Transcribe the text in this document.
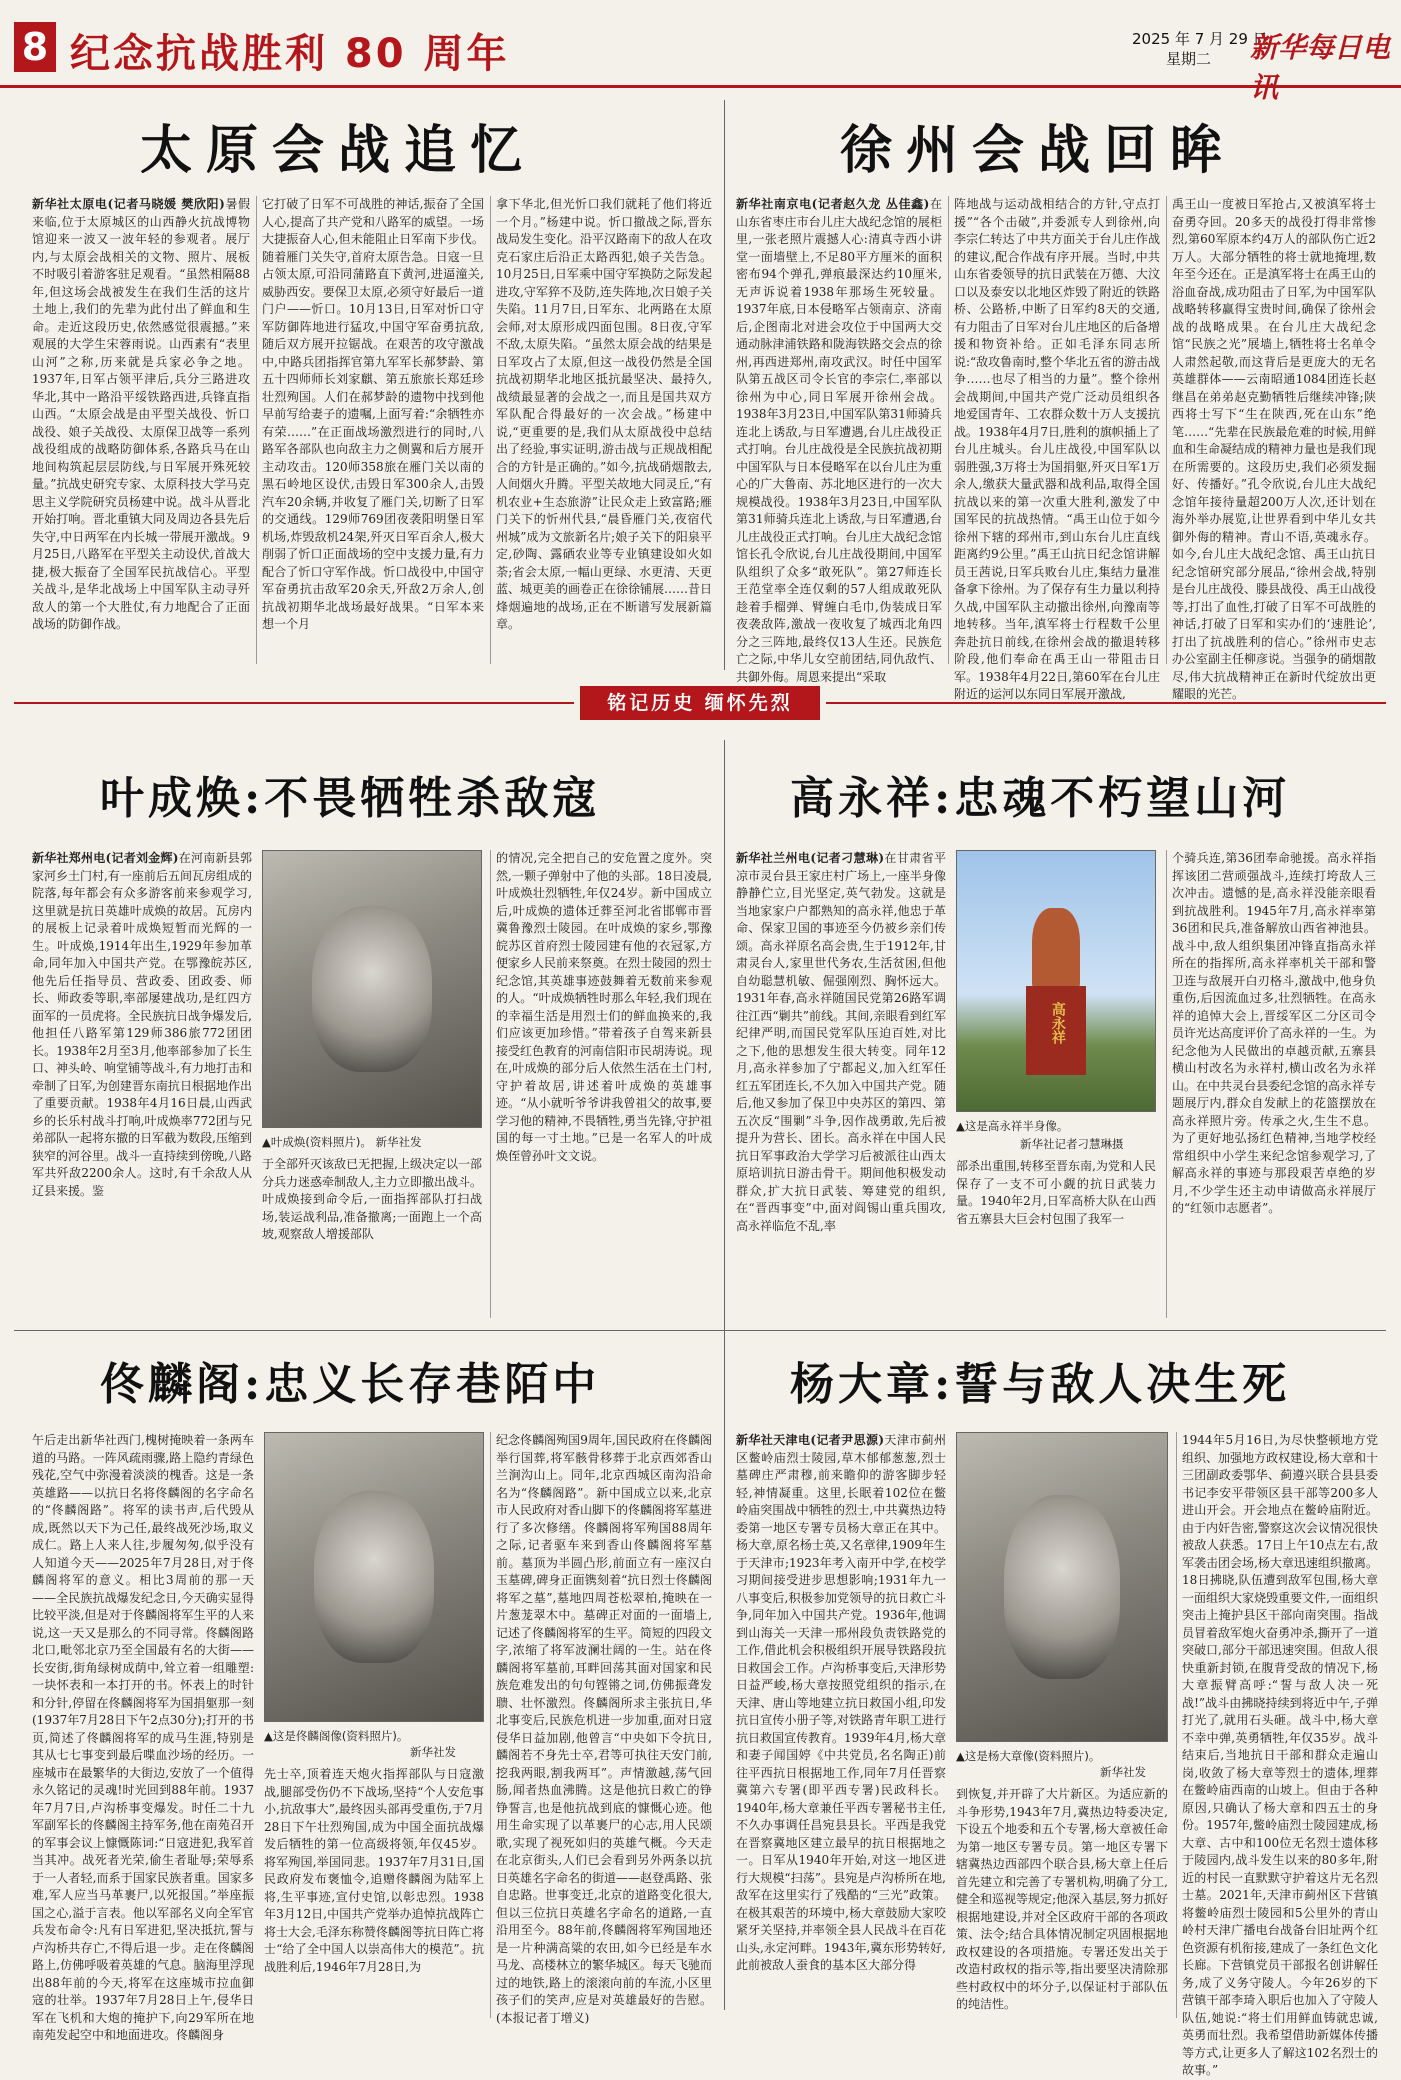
8 纪念抗战胜利 80 周年	2025 年 7 月 29 日
星期二 新华每日电讯
太原会战追忆
新华社太原电(记者马晓媛 樊欣阳)暑假来临,位于太原城区的山西静火抗战博物馆迎来一波又一波年轻的参观者。展厅内,与太原会战相关的文物、照片、展板不时吸引着游客驻足观看。“虽然相隔88年,但这场会战被发生在我们生活的这片土地上,我们的先辈为此付出了鲜血和生命。走近这段历史,依然感觉很震撼。”来观展的大学生宋蓉雨说。山西素有“表里山河”之称,历来就是兵家必争之地。1937年,日军占领平津后,兵分三路进攻华北,其中一路沿平绥铁路西进,兵锋直指山西。“太原会战是由平型关战役、忻口战役、娘子关战役、太原保卫战等一系列战役组成的战略防御体系,各路兵马在山地间构筑起层层防线,与日军展开殊死较量。”抗战史研究专家、太原科技大学马克思主义学院研究员杨建中说。战斗从晋北开始打响。晋北重镇大同及周边各县先后失守,中日两军在内长城一带展开激战。9月25日,八路军在平型关主动设伏,首战大捷,极大振奋了全国军民抗战信心。平型关战斗,是华北战场上中国军队主动寻歼敌人的第一个大胜仗,有力地配合了正面战场的防御作战。
它打破了日军不可战胜的神话,振奋了全国人心,提高了共产党和八路军的威望。一场大捷振奋人心,但未能阻止日军南下步伐。随着雁门关失守,首府太原告急。日寇一旦占领太原,可沿同蒲路直下黄河,进逼潼关,威胁西安。要保卫太原,必须守好最后一道门户——忻口。10月13日,日军对忻口守军防御阵地进行猛攻,中国守军奋勇抗敌,随后双方展开拉锯战。在艰苦的攻守激战中,中路兵团指挥官第九军军长郝梦龄、第五十四师师长刘家麒、第五旅旅长郑廷珍壮烈殉国。人们在郝梦龄的遗物中找到他早前写给妻子的遗嘱,上面写着:“余牺牲亦有荣……”在正面战场激烈进行的同时,八路军各部队也向敌主力之侧翼和后方展开主动攻击。120师358旅在雁门关以南的黑石岭地区设伏,击毁日军300余人,击毁汽车20余辆,并收复了雁门关,切断了日军的交通线。129师769团夜袭阳明堡日军机场,炸毁敌机24架,歼灭日军百余人,极大削弱了忻口正面战场的空中支援力量,有力配合了忻口守军作战。忻口战役中,中国守军奋勇抗击敌军20余天,歼敌2万余人,创抗战初期华北战场最好战果。“日军本来想一个月
拿下华北,但光忻口我们就耗了他们将近一个月。”杨建中说。忻口撤战之际,晋东战局发生变化。沿平汉路南下的敌人在攻克石家庄后沿正太路西犯,娘子关告急。10月25日,日军乘中国守军换防之际发起进攻,守军猝不及防,连失阵地,次日娘子关失陷。11月7日,日军东、北两路在太原会师,对太原形成四面包围。8日夜,守军不敌,太原失陷。“虽然太原会战的结果是日军攻占了太原,但这一战役仍然是全国抗战初期华北地区抵抗最坚决、最持久,战绩最显著的会战之一,而且是国共双方军队配合得最好的一次会战。”杨建中说,“更重要的是,我们从太原战役中总结出了经验,事实证明,游击战与正规战相配合的方针是正确的。”如今,抗战硝烟散去,人间烟火升腾。平型关故地大同灵丘,“有机农业+生态旅游”让民众走上致富路;雁门关下的忻州代县,“晨昏雁门关,夜宿代州城”成为文旅新名片;娘子关下的阳泉平定,砂陶、露硒农业等专业镇建设如火如荼;省会太原,一幅山更绿、水更清、天更蓝、城更美的画卷正在徐徐铺展……昔日烽烟遍地的战场,正在不断谱写发展新篇章。
徐州会战回眸
新华社南京电(记者赵久龙 丛佳鑫)在山东省枣庄市台儿庄大战纪念馆的展柜里,一张老照片震撼人心:清真寺西小讲堂一面墙壁上,不足80平方厘米的面积密布94个弹孔,弹痕最深达约10厘米,无声诉说着1938年那场生死较量。1937年底,日本侵略军占领南京、济南后,企图南北对进会攻位于中国两大交通动脉津浦铁路和陇海铁路交会点的徐州,再西进郑州,南攻武汉。时任中国军队第五战区司令长官的李宗仁,率部以徐州为中心,同日军展开徐州会战。1938年3月23日,中国军队第31师骑兵连北上诱敌,与日军遭遇,台儿庄战役正式打响。台儿庄战役是全民族抗战初期中国军队与日本侵略军在以台儿庄为重心的广大鲁南、苏北地区进行的一次大规模战役。1938年3月23日,中国军队第31师骑兵连北上诱敌,与日军遭遇,台儿庄战役正式打响。台儿庄大战纪念馆馆长孔令欣说,台儿庄战役期间,中国军队组织了众多“敢死队”。第27师连长王范堂率全连仅剩的57人组成敢死队趁着手榴弹、臂缠白毛巾,伪装成日军夜袭敌阵,激战一夜收复了城西北角四分之三阵地,最终仅13人生还。民族危亡之际,中华儿女空前团结,同仇敌忾、共御外侮。周恩来提出“采取
阵地战与运动战相结合的方针,守点打援”“各个击破”,并委派专人到徐州,向李宗仁转达了中共方面关于台儿庄作战的建议,配合作战有序开展。当时,中共山东省委领导的抗日武装在万德、大汶口以及泰安以北地区炸毁了附近的铁路桥、公路桥,中断了日军约8天的交通,有力阻击了日军对台儿庄地区的后备增援和物资补给。正如毛泽东同志所说:“敌攻鲁南时,整个华北五省的游击战争……也尽了相当的力量”。整个徐州会战期间,中国共产党广泛动员组织各地爱国青年、工农群众数十万人支援抗战。1938年4月7日,胜利的旗帜插上了台儿庄城头。台儿庄战役,中国军队以弱胜强,3万将士为国捐躯,歼灭日军1万余人,缴获大量武器和战利品,取得全国抗战以来的第一次重大胜利,激发了中国军民的抗战热情。“禹王山位于如今徐州下辖的邳州市,到山东台儿庄直线距离约9公里。”禹王山抗日纪念馆讲解员王茜说,日军兵败台儿庄,集结力量准备拿下徐州。为了保存有生力量以利持久战,中国军队主动撤出徐州,向豫南等地转移。当年,滇军将士行程数千公里奔赴抗日前线,在徐州会战的撤退转移阶段,他们奉命在禹王山一带阻击日军。1938年4月22日,第60军在台儿庄附近的运河以东同日军展开激战,
禹王山一度被日军抢占,又被滇军将士奋勇夺回。20多天的战役打得非常惨烈,第60军原本约4万人的部队伤亡近2万人。大部分牺牲的将士就地掩埋,数年至今还在。正是滇军将士在禹王山的浴血奋战,成功阻击了日军,为中国军队战略转移赢得宝贵时间,确保了徐州会战的战略成果。在台儿庄大战纪念馆“民族之光”展墙上,牺牲将士名单令人肃然起敬,而这背后是更庞大的无名英雄群体——云南昭通1084团连长赵继昌在弟弟赵克勤牺牲后继续冲锋;陕西将士写下“生在陕西,死在山东”绝笔……“先辈在民族最危难的时候,用鲜血和生命凝结成的精神力量也是我们现在所需要的。这段历史,我们必须发掘好、传播好。”孔令欣说,台儿庄大战纪念馆年接待量超200万人次,还计划在海外举办展览,让世界看到中华儿女共御外侮的精神。青山不语,英魂永存。如今,台儿庄大战纪念馆、禹王山抗日纪念馆研究部分展品,“徐州会战,特别是台儿庄战役、滕县战役、禹王山战役等,打出了血性,打破了日军不可战胜的神话,打破了日军和实办们的‘速胜论’,打出了抗战胜利的信心。”徐州市史志办公室副主任柳彦说。当强争的硝烟散尽,伟大抗战精神正在新时代绽放出更耀眼的光芒。
铭记历史 缅怀先烈
叶成焕:不畏牺牲杀敌寇
新华社郑州电(记者刘金辉)在河南新县郭家河乡土门村,有一座前后五间瓦房组成的院落,每年都会有众多游客前来参观学习,这里就是抗日英雄叶成焕的故居。瓦房内的展板上记录着叶成焕短暂而光辉的一生。叶成焕,1914年出生,1929年参加革命,同年加入中国共产党。在鄂豫皖苏区,他先后任指导员、营政委、团政委、师长、师政委等职,率部屡建战功,是红四方面军的一员虎将。全民族抗日战争爆发后,他担任八路军第129师386旅772团团长。1938年2月至3月,他率部参加了长生口、神头岭、响堂铺等战斗,有力地打击和牵制了日军,为创建晋东南抗日根据地作出了重要贡献。1938年4月16日晨,山西武乡的长乐村战斗打响,叶成焕率772团与兄弟部队一起将东撤的日军截为数段,压缩到狭窄的河谷里。战斗一直持续到傍晚,八路军共歼敌2200余人。这时,有千余敌人从辽县来援。鉴
▲叶成焕(资料照片)。 新华社发
于全部歼灭该敌已无把握,上级决定以一部分兵力迷惑牵制敌人,主力立即撤出战斗。叶成焕接到命令后,一面指挥部队打扫战场,装运战利品,准备撤离;一面跑上一个高坡,观察敌人增援部队
的情况,完全把自己的安危置之度外。突然,一颗子弹射中了他的头部。18日凌晨,叶成焕壮烈牺牲,年仅24岁。新中国成立后,叶成焕的遗体迁葬至河北省邯郸市晋冀鲁豫烈士陵园。在叶成焕的家乡,鄂豫皖苏区首府烈士陵园建有他的衣冠冢,方便家乡人民前来祭奠。在烈士陵园的烈士纪念馆,其英雄事迹鼓舞着无数前来参观的人。“叶成焕牺牲时那么年轻,我们现在的幸福生活是用烈士们的鲜血换来的,我们应该更加珍惜。”带着孩子自驾来新县接受红色教育的河南信阳市民胡涛说。现在,叶成焕的部分后人依然生活在土门村,守护着故居,讲述着叶成焕的英雄事迹。“从小就听爷爷讲我曾祖父的故事,要学习他的精神,不畏牺牲,勇当先锋,守护祖国的每一寸土地。”已是一名军人的叶成焕侄曾孙叶文文说。
高永祥:忠魂不朽望山河
新华社兰州电(记者刁慧琳)在甘肃省平凉市灵台县王家庄村广场上,一座半身像静静伫立,目光坚定,英气勃发。这就是当地家家户户都熟知的高永祥,他忠于革命、保家卫国的事迹至今仍被乡亲们传颂。高永祥原名高会贵,生于1912年,甘肃灵台人,家里世代务农,生活贫困,但他自幼聪慧机敏、倔强刚烈、胸怀远大。1931年春,高永祥随国民党第26路军调往江西“剿共”前线。其间,亲眼看到红军纪律严明,而国民党军队压迫百姓,对比之下,他的思想发生很大转变。同年12月,高永祥参加了宁都起义,加入红军任红五军团连长,不久加入中国共产党。随后,他又参加了保卫中央苏区的第四、第五次反“围剿”斗争,因作战勇敢,先后被提升为营长、团长。高永祥在中国人民抗日军事政治大学学习后被派往山西太原培训抗日游击骨干。期间他积极发动群众,扩大抗日武装、筹建党的组织,在“晋西事变”中,面对阎锡山重兵围攻,高永祥临危不乱,率
高永祥
▲这是高永祥半身像。
新华社记者刁慧琳摄
部杀出重围,转移至晋东南,为党和人民保存了一支不可小觑的抗日武装力量。1940年2月,日军高桥大队在山西省五寨县大巨会村包围了我军一
个骑兵连,第36团奉命驰援。高永祥指挥该团二营顽强战斗,连续打垮敌人三次冲击。遗憾的是,高永祥没能亲眼看到抗战胜利。1945年7月,高永祥率第36团和民兵,准备解放山西省神池县。战斗中,敌人组织集团冲锋直指高永祥所在的指挥所,高永祥率机关干部和警卫连与敌展开白刃格斗,激战中,他身负重伤,后因流血过多,壮烈牺牲。在高永祥的追悼大会上,晋绥军区二分区司令员许光达高度评价了高永祥的一生。为纪念他为人民做出的卓越贡献,五寨县横山村改名为永祥村,横山改名为永祥山。在中共灵台县委纪念馆的高永祥专题展厅内,群众自发献上的花篮摆放在高永祥照片旁。传承之火,生生不息。为了更好地弘扬红色精神,当地学校经常组织中小学生来纪念馆参观学习,了解高永祥的事迹与那段艰苦卓绝的岁月,不少学生还主动申请做高永祥展厅的“红领巾志愿者”。
佟麟阁:忠义长存巷陌中
午后走出新华社西门,槐树掩映着一条两车道的马路。一阵风疏雨骤,路上隐约青绿色残花,空气中弥漫着淡淡的槐香。这是一条英雄路——以抗日名将佟麟阁的名字命名的“佟麟阁路”。将军的读书声,后代毁从成,既然以天下为己任,最终战死沙场,取义成仁。路上人来人往,步履匆匆,似乎没有人知道今天——2025年7月28日,对于佟麟阁将军的意义。相比3周前的那一天——全民族抗战爆发纪念日,今天确实显得比较平淡,但是对于佟麟阁将军生平的人来说,这一天又是那么的不同寻常。佟麟阁路北口,毗邻北京乃至全国最有名的大街——长安街,街角绿树成荫中,耸立着一组雕塑:一块怀表和一本打开的书。怀表上的时针和分针,停留在佟麟阁将军为国捐躯那一刻(1937年7月28日下午2点30分);打开的书页,简述了佟麟阁将军的成马生涯,特别是其从七七事变到最后喋血沙场的经历。一座城市在最繁华的大街边,安放了一个值得永久铭记的灵魂!时光回到88年前。1937年7月7日,卢沟桥事变爆发。时任二十九军副军长的佟麟阁主持军务,他在南苑召开的军事会议上慷慨陈词:“日寇进犯,我军首当其冲。战死者光荣,偷生者耻辱;荣辱系于一人者轻,而系于国家民族者重。国家多难,军人应当马革裹尸,以死报国。”举座振国之心,溢于言表。他以军部名义向全军官兵发布命令:凡有日军进犯,坚决抵抗,誓与卢沟桥共存亡,不得后退一步。走在佟麟阁路上,仿佛呼吸着英雄的气息。脑海里浮现出88年前的今天,将军在这座城市拉血御寇的壮举。1937年7月28日上午,侵华日军在飞机和大炮的掩护下,向29军所在地南苑发起空中和地面进攻。佟麟阁身
▲这是佟麟阁像(资料照片)。
新华社发
先士卒,顶着连天炮火指挥部队与日寇激战,腿部受伤仍不下战场,坚持“个人安危事小,抗敌事大”,最终因头部再受重伤,于7月28日下午壮烈殉国,成为中国全面抗战爆发后牺牲的第一位高级将领,年仅45岁。将军殉国,举国同悲。1937年7月31日,国民政府发布褒恤令,追赠佟麟阁为陆军上将,生平事迹,宣付史馆,以彰忠烈。1938年3月12日,中国共产党举办追悼抗战阵亡将士大会,毛泽东称赞佟麟阁等抗日阵亡将士“给了全中国人以崇高伟大的模范”。抗战胜利后,1946年7月28日,为
纪念佟麟阁殉国9周年,国民政府在佟麟阁举行国葬,将军骸骨移葬于北京西郊香山兰涧沟山上。同年,北京西城区南沟沿命名为“佟麟阁路”。新中国成立以来,北京市人民政府对香山脚下的佟麟阁将军墓进行了多次修缮。佟麟阁将军殉国88周年之际,记者驱车来到香山佟麟阁将军墓前。墓顶为半圆凸形,前面立有一座汉白玉墓碑,碑身正面镌刻着“抗日烈士佟麟阁将军之墓”,墓地四周苍松翠柏,掩映在一片葱茏翠木中。墓碑正对面的一面墙上,记述了佟麟阁将军的生平。简短的四段文字,浓缩了将军波澜壮阔的一生。站在佟麟阁将军墓前,耳畔回荡其面对国家和民族危难发出的句句铿锵之词,仿佛振聋发聩、壮怀激烈。佟麟阁所求主张抗日,华北事变后,民族危机进一步加重,面对日寇侵华日益加剧,他曾言“中央如下令抗日,麟阁若不身先士卒,君等可执往天安门前,挖我两眼,割我两耳”。声情激越,荡气回肠,闻者热血沸腾。这是他抗日救亡的铮铮誓言,也是他抗战到底的慷慨心迹。他用生命实现了以革裹尸的心志,用人民颂歌,实现了视死如归的英雄气概。今天走在北京街头,人们已会看到另外两条以抗日英雄名字命名的街道——赵登禹路、张自忠路。世事变迁,北京的道路变化很大,但以三位抗日英雄名字命名的道路,一直沿用至今。88年前,佟麟阁将军殉国地还是一片种满高粱的农田,如今已经是车水马龙、高楼林立的繁华城区。每天飞驰而过的地铁,路上的滚滚向前的车流,小区里孩子们的笑声,应是对英雄最好的告慰。 (本报记者丁增义)
杨大章:誓与敌人决生死
新华社天津电(记者尹思源)天津市蓟州区鳖岭庙烈士陵园,草木郁郁葱葱,烈士墓碑庄严肃穆,前来瞻仰的游客脚步轻轻,神情凝重。这里,长眠着102位在鳖岭庙突围战中牺牲的烈士,中共冀热边特委第一地区专署专员杨大章正在其中。杨大章,原名杨士英,又名章律,1909年生于天津市;1923年考入南开中学,在校学习期间接受进步思想影响;1931年九一八事变后,积极参加党领导的抗日救亡斗争,同年加入中国共产党。1936年,他调到山海关一天津一邢州段负责铁路党的工作,借此机会积极组织开展导铁路段抗日救国会工作。卢沟桥事变后,天津形势日益严峻,杨大章按照党组织的指示,在天津、唐山等地建立抗日救国小组,印发抗日宣传小册子等,对铁路青年职工进行抗日救国宣传教育。1939年4月,杨大章和妻子闻国婷《中共党员,名名陶正)前往平西抗日根据地工作,同年7月任晋察冀第六专署(即平西专署)民政科长。1940年,杨大章兼任平西专署秘书主任,不久办事调任昌宛县县长。平西是我党在晋察冀地区建立最早的抗日根据地之一。日军从1940年开始,对这一地区进行大规模“扫荡”。县宛是卢沟桥所在地,敌军在这里实行了残酷的“三光”政策。在极其艰苦的环境中,杨大章鼓励大家咬紧牙关坚持,并率领全县人民战斗在百花山头,永定河畔。1943年,冀东形势转好,此前被敌人蚕食的基本区大部分得
▲这是杨大章像(资料照片)。
新华社发
到恢复,并开辟了大片新区。为适应新的斗争形势,1943年7月,冀热边特委决定,下设五个地委和五个专署,杨大章被任命为第一地区专署专员。第一地区专署下辖冀热边西部四个联合县,杨大章上任后首先建立和完善了专署机构,明确了分工,健全和巡视等规定;他深入基层,努力抓好根据地建设,并对全区政府干部的各项政策、法令;结合具体情况制定巩固根据地政权建设的各项措施。专署还发出关于改造村政权的指示等,指出要坚决清除那些村政权中的坏分子,以保证村于部队伍的纯洁性。
1944年5月16日,为尽快整顿地方党组织、加强地方政权建设,杨大章和十三团副政委鄂华、蓟遵兴联合县县委书记李安平带领区县干部等200多人进山开会。开会地点在鳖岭庙附近。由于内奸告密,警察这次会议情况很快被敌人获悉。17日上午10点左右,敌军袭击团会场,杨大章迅速组织撤离。18日拂晓,队伍遭到敌军包围,杨大章一面组织大家烧毁重要文件,一面组织突击上掩护县区干部向南突围。指战员冒着敌军炮火奋勇冲杀,撕开了一道突破口,部分干部迅速突围。但敌人很快重新封锁,在腹背受敌的情况下,杨大章振臂高呼:“誓与敌人决一死战!”战斗由拂晓持续到将近中午,子弹打光了,就用石头砸。战斗中,杨大章不幸中弹,英勇牺牲,年仅35岁。战斗结束后,当地抗日干部和群众走遍山岗,收敛了杨大章等烈士的遗体,埋葬在鳖岭庙西南的山坡上。但由于各种原因,只确认了杨大章和四五士的身份。1957年,鳖岭庙烈士陵园建成,杨大章、古中和100位无名烈士遗体移于陵园内,战斗发生以来的80多年,附近的村民一直默默守护着这片无名烈士墓。2021年,天津市蓟州区下营镇将鳖岭庙烈士陵园和5公里外的青山岭村天津广播电台战备台旧址两个红色资源有机衔接,建成了一条红色文化长廊。下营镇党员干部报名创讲解任务,成了义务守陵人。今年26岁的下营镇干部李琦入职后也加入了守陵人队伍,她说:“将士们用鲜血铸就忠诚,英勇而壮烈。我希望借助新媒体传播等方式,让更多人了解这102名烈士的故事。”
